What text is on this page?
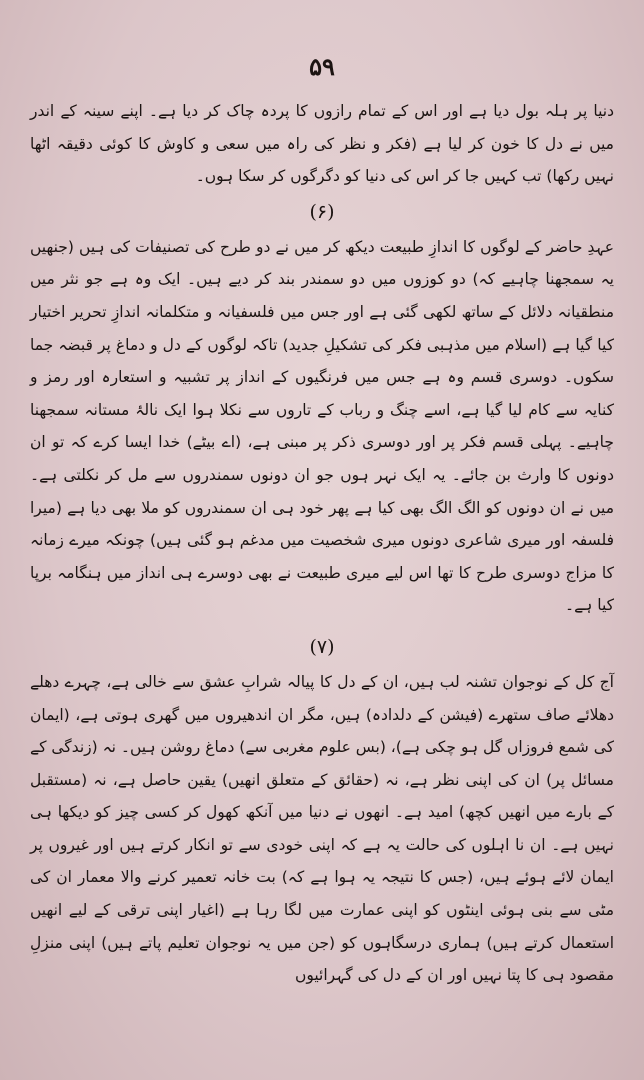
۵۹

دنیا پر ہلہ بول دیا ہے اور اس کے تمام رازوں کا پردہ چاک کر دیا ہے۔ اپنے سینہ کے اندر میں نے دل کا خون کر لیا ہے (فکر و نظر کی راہ میں سعی و کاوش کا کوئی دقیقہ اٹھا نہیں رکھا) تب کہیں جا کر اس کی دنیا کو دگرگوں کر سکا ہوں۔

(۶)

عہدِ حاضر کے لوگوں کا اندازِ طبیعت دیکھ کر میں نے دو طرح کی تصنیفات کی ہیں (جنھیں یہ سمجھنا چاہیے کہ) دو کوزوں میں دو سمندر بند کر دیے ہیں۔ ایک وہ ہے جو نثر میں منطقیانہ دلائل کے ساتھ لکھی گئی ہے اور جس میں فلسفیانہ و متکلمانہ اندازِ تحریر اختیار کیا گیا ہے (اسلام میں مذہبی فکر کی تشکیلِ جدید) تاکہ لوگوں کے دل و دماغ پر قبضہ جما سکوں۔ دوسری قسم وہ ہے جس میں فرنگیوں کے انداز پر تشبیہ و استعارہ اور رمز و کنایہ سے کام لیا گیا ہے، اسے چنگ و رباب کے تاروں سے نکلا ہوا ایک نالۂ مستانہ سمجھنا چاہیے۔ پہلی قسم فکر پر اور دوسری ذکر پر مبنی ہے، (اے بیٹے) خدا ایسا کرے کہ تو ان دونوں کا وارث بن جائے۔ یہ ایک نہر ہوں جو ان دونوں سمندروں سے مل کر نکلتی ہے۔ میں نے ان دونوں کو الگ الگ بھی کیا ہے پھر خود ہی ان سمندروں کو ملا بھی دیا ہے (میرا فلسفہ اور میری شاعری دونوں میری شخصیت میں مدغم ہو گئی ہیں) چونکہ میرے زمانہ کا مزاج دوسری طرح کا تھا اس لیے میری طبیعت نے بھی دوسرے ہی انداز میں ہنگامہ برپا کیا ہے۔

(۷)

آج کل کے نوجوان تشنہ لب ہیں، ان کے دل کا پیالہ شرابِ عشق سے خالی ہے، چہرے دھلے دھلائے صاف ستھرے (فیشن کے دلدادہ) ہیں، مگر ان اندھیروں میں گھری ہوتی ہے، (ایمان کی شمع فروزاں گل ہو چکی ہے)، (بس علوم مغربی سے) دماغ روشن ہیں۔ نہ (زندگی کے مسائل پر) ان کی اپنی نظر ہے، نہ (حقائق کے متعلق انھیں) یقین حاصل ہے، نہ (مستقبل کے بارے میں انھیں کچھ) امید ہے۔ انھوں نے دنیا میں آنکھ کھول کر کسی چیز کو دیکھا ہی نہیں ہے۔ ان نا اہلوں کی حالت یہ ہے کہ اپنی خودی سے تو انکار کرتے ہیں اور غیروں پر ایمان لائے ہوئے ہیں، (جس کا نتیجہ یہ ہوا ہے کہ) بت خانہ تعمیر کرنے والا معمار ان کی مٹی سے بنی ہوئی اینٹوں کو اپنی عمارت میں لگا رہا ہے (اغیار اپنی ترقی کے لیے انھیں استعمال کرتے ہیں) ہماری درسگاہوں کو (جن میں یہ نوجوان تعلیم پاتے ہیں) اپنی منزلِ مقصود ہی کا پتا نہیں اور ان کے دل کی گہرائیوں
